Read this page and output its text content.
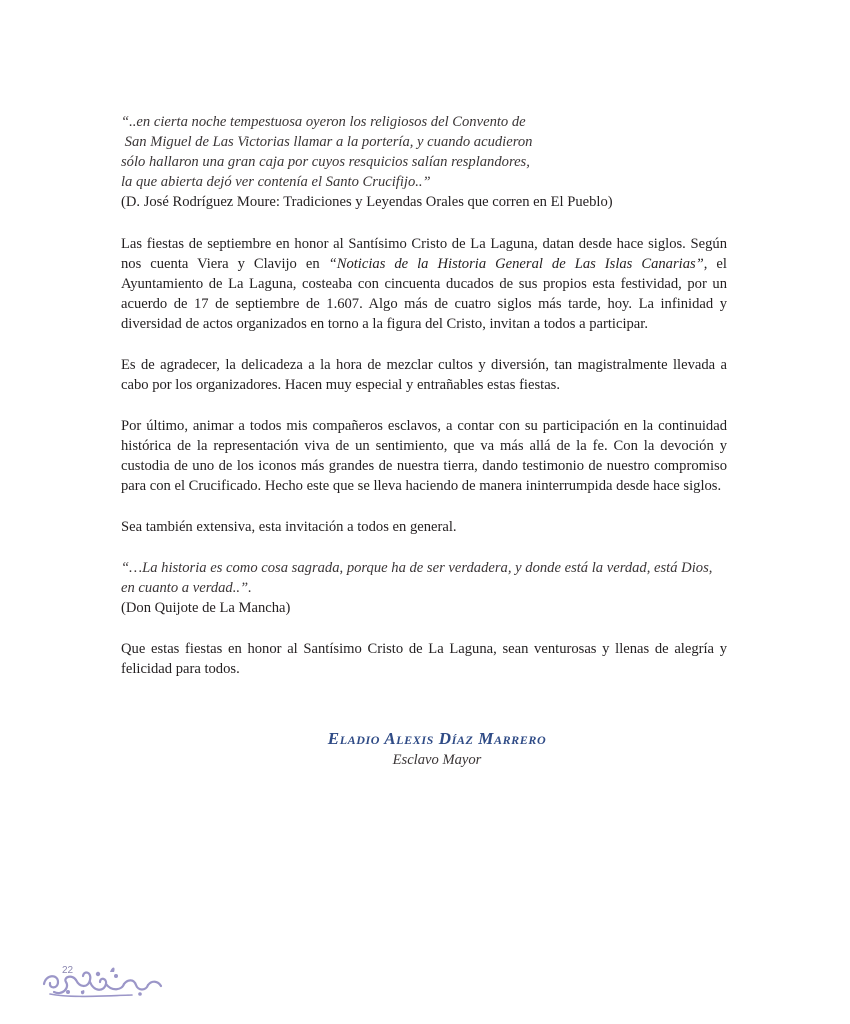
“..en cierta noche tempestuosa oyeron los religiosos del Convento de
San Miguel de Las Victorias llamar a la portería, y cuando acudieron
sólo hallaron una gran caja por cuyos resquicios salían resplandores,
la que abierta dejó ver contenía el Santo Crucifijo..”
(D. José Rodríguez Moure: Tradiciones y Leyendas Orales que corren en El Pueblo)

Las fiestas de septiembre en honor al Santísimo Cristo de La Laguna, datan desde hace siglos. Según nos cuenta Viera y Clavijo en “Noticias de la Historia General de Las Islas Canarias”, el Ayuntamiento de La Laguna, costeaba con cincuenta ducados de sus propios esta festividad, por un acuerdo de 17 de septiembre de 1.607. Algo más de cuatro siglos más tarde, hoy. La infinidad y diversidad de actos organizados en torno a la figura del Cristo, invitan a todos a participar.

Es de agradecer, la delicadeza a la hora de mezclar cultos y diversión, tan magistralmente llevada a cabo por los organizadores. Hacen muy especial y entrañables estas fiestas.

Por último, animar a todos mis compañeros esclavos, a contar con su participación en la continuidad histórica de la representación viva de un sentimiento, que va más allá de la fe. Con la devoción y custodia de uno de los iconos más grandes de nuestra tierra, dando testimonio de nuestro compromiso para con el Crucificado. Hecho este que se lleva haciendo de manera ininterrumpida desde hace siglos.

Sea también extensiva, esta invitación a todos en general.

“…La historia es como cosa sagrada, porque ha de ser verdadera, y donde está la verdad, está Dios, en cuanto a verdad..”.
(Don Quijote de La Mancha)

Que estas fiestas en honor al Santísimo Cristo de La Laguna, sean venturosas y llenas de alegría y felicidad para todos.

Eladio Alexis Díaz Marrero
Esclavo Mayor
22
